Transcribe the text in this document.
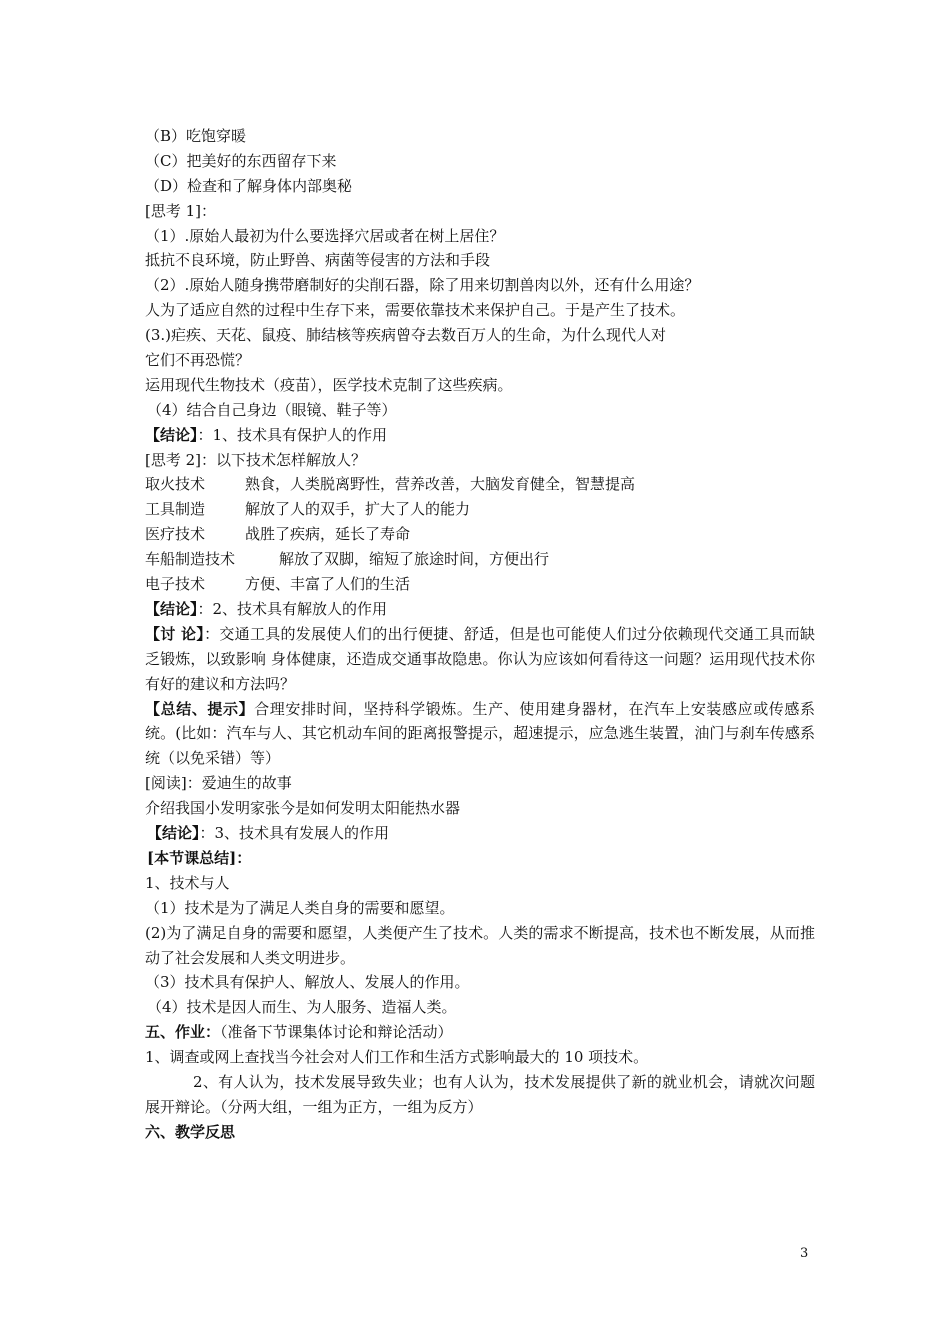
（B）吃饱穿暖
（C）把美好的东西留存下来
（D）检查和了解身体内部奥秘
[思考 1]：
（1）.原始人最初为什么要选择穴居或者在树上居住？
抵抗不良环境，防止野兽、病菌等侵害的方法和手段
（2）.原始人随身携带磨制好的尖削石器，除了用来切割兽肉以外，还有什么用途？
人为了适应自然的过程中生存下来，需要依靠技术来保护自己。于是产生了技术。
(3.)疟疾、天花、鼠疫、肺结核等疾病曾夺去数百万人的生命，为什么现代人对
它们不再恐慌？
运用现代生物技术（疫苗），医学技术克制了这些疾病。
（4）结合自己身边（眼镜、鞋子等）
【结论】：1、技术具有保护人的作用
[思考 2]：以下技术怎样解放人？
取火技术	熟食，人类脱离野性，营养改善，大脑发育健全，智慧提高
工具制造	解放了人的双手，扩大了人的能力
医疗技术	战胜了疾病，延长了寿命
车船制造技术	解放了双脚，缩短了旅途时间，方便出行
电子技术	方便、丰富了人们的生活
【结论】：2、技术具有解放人的作用
【讨 论】：交通工具的发展使人们的出行便捷、舒适，但是也可能使人们过分依赖现代交通工具而缺乏锻炼，以致影响 身体健康，还造成交通事故隐患。你认为应该如何看待这一问题？运用现代技术你有好的建议和方法吗？
【总结、提示】合理安排时间，坚持科学锻炼。生产、使用建身器材，在汽车上安装感应或传感系统。(比如：汽车与人、其它机动车间的距离报警提示，超速提示，应急逃生装置，油门与刹车传感系统（以免采错）等）
[阅读]：爱迪生的故事
介绍我国小发明家张今是如何发明太阳能热水器
【结论】：3、技术具有发展人的作用
[本节课总结]：
1、技术与人
（1）技术是为了满足人类自身的需要和愿望。
(2)为了满足自身的需要和愿望，人类便产生了技术。人类的需求不断提高，技术也不断发展，从而推动了社会发展和人类文明进步。
（3）技术具有保护人、解放人、发展人的作用。
（4）技术是因人而生、为人服务、造福人类。
五、作业：（准备下节课集体讨论和辩论活动）
1、调查或网上查找当今社会对人们工作和生活方式影响最大的 10 项技术。
2、有人认为，技术发展导致失业；也有人认为，技术发展提供了新的就业机会，请就次问题展开辩论。（分两大组，一组为正方，一组为反方）
六、教学反思
3
